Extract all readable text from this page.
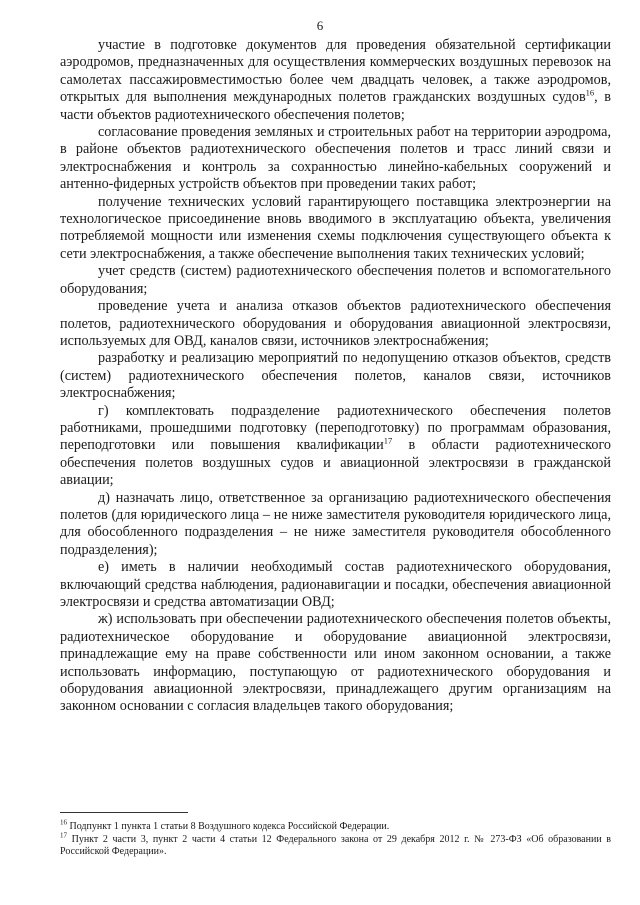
6

участие в подготовке документов для проведения обязательной сертификации аэродромов, предназначенных для осуществления коммерческих воздушных перевозок на самолетах пассажировместимостью более чем двадцать человек, а также аэродромов, открытых для выполнения международных полетов гражданских воздушных судов$^{16}$, в части объектов радиотехнического обеспечения полетов;

согласование проведения земляных и строительных работ на территории аэродрома, в районе объектов радиотехнического обеспечения полетов и трасс линий связи и электроснабжения и контроль за сохранностью линейно-кабельных сооружений и антенно-фидерных устройств объектов при проведении таких работ;

получение технических условий гарантирующего поставщика электроэнергии на технологическое присоединение вновь вводимого в эксплуатацию объекта, увеличения потребляемой мощности или изменения схемы подключения существующего объекта к сети электроснабжения, а также обеспечение выполнения таких технических условий;

учет средств (систем) радиотехнического обеспечения полетов и вспомогательного оборудования;

проведение учета и анализа отказов объектов радиотехнического обеспечения полетов, радиотехнического оборудования и оборудования авиационной электросвязи, используемых для ОВД, каналов связи, источников электроснабжения;

разработку и реализацию мероприятий по недопущению отказов объектов, средств (систем) радиотехнического обеспечения полетов, каналов связи, источников электроснабжения;

г) комплектовать подразделение радиотехнического обеспечения полетов работниками, прошедшими подготовку (переподготовку) по программам образования, переподготовки или повышения квалификации$^{17}$ в области радиотехнического обеспечения полетов воздушных судов и авиационной электросвязи в гражданской авиации;

д) назначать лицо, ответственное за организацию радиотехнического обеспечения полетов (для юридического лица – не ниже заместителя руководителя юридического лица, для обособленного подразделения – не ниже заместителя руководителя обособленного подразделения);

е) иметь в наличии необходимый состав радиотехнического оборудования, включающий средства наблюдения, радионавигации и посадки, обеспечения авиационной электросвязи и средства автоматизации ОВД;

ж) использовать при обеспечении радиотехнического обеспечения полетов объекты, радиотехническое оборудование и оборудование авиационной электросвязи, принадлежащие ему на праве собственности или ином законном основании, а также использовать информацию, поступающую от радиотехнического оборудования и оборудования авиационной электросвязи, принадлежащего другим организациям на законном основании с согласия владельцев такого оборудования;

$^{16}$ Подпункт 1 пункта 1 статьи 8 Воздушного кодекса Российской Федерации.

$^{17}$ Пункт 2 части 3, пункт 2 части 4 статьи 12 Федерального закона от 29 декабря 2012 г. № 273-ФЗ «Об образовании в Российской Федерации».
